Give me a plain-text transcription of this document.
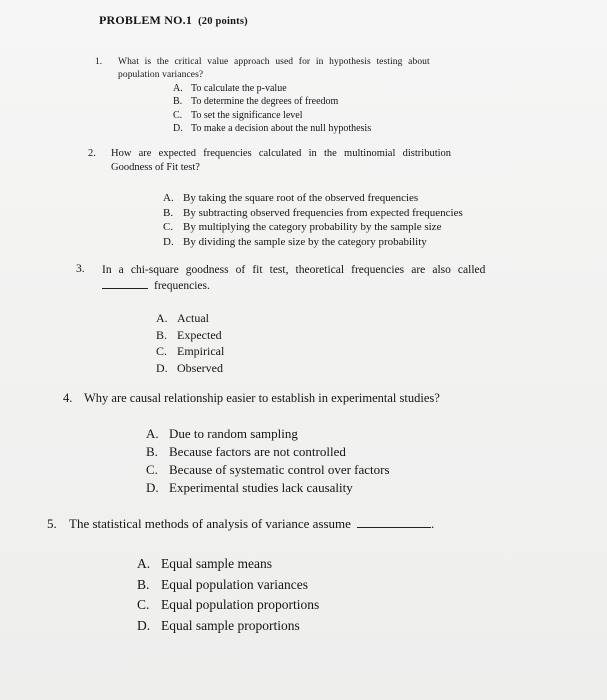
PROBLEM NO.1 (20 points)
1. What is the critical value approach used for in hypothesis testing about
population variances?
A. To calculate the p-value
B. To determine the degrees of freedom
C. To set the significance level
D. To make a decision about the null hypothesis
2. How are expected frequencies calculated in the multinomial distribution
Goodness of Fit test?
A. By taking the square root of the observed frequencies
B. By subtracting observed frequencies from expected frequencies
C. By multiplying the category probability by the sample size
D. By dividing the sample size by the category probability
3. In a chi-square goodness of fit test, theoretical frequencies are also called
frequencies.
A. Actual
B. Expected
C. Empirical
D. Observed
4. Why are causal relationship easier to establish in experimental studies?
A. Due to random sampling
B. Because factors are not controlled
C. Because of systematic control over factors
D. Experimental studies lack causality
5. The statistical methods of analysis of variance assume	.
A. Equal sample means
B. Equal population variances
C. Equal population proportions
D. Equal sample proportions
